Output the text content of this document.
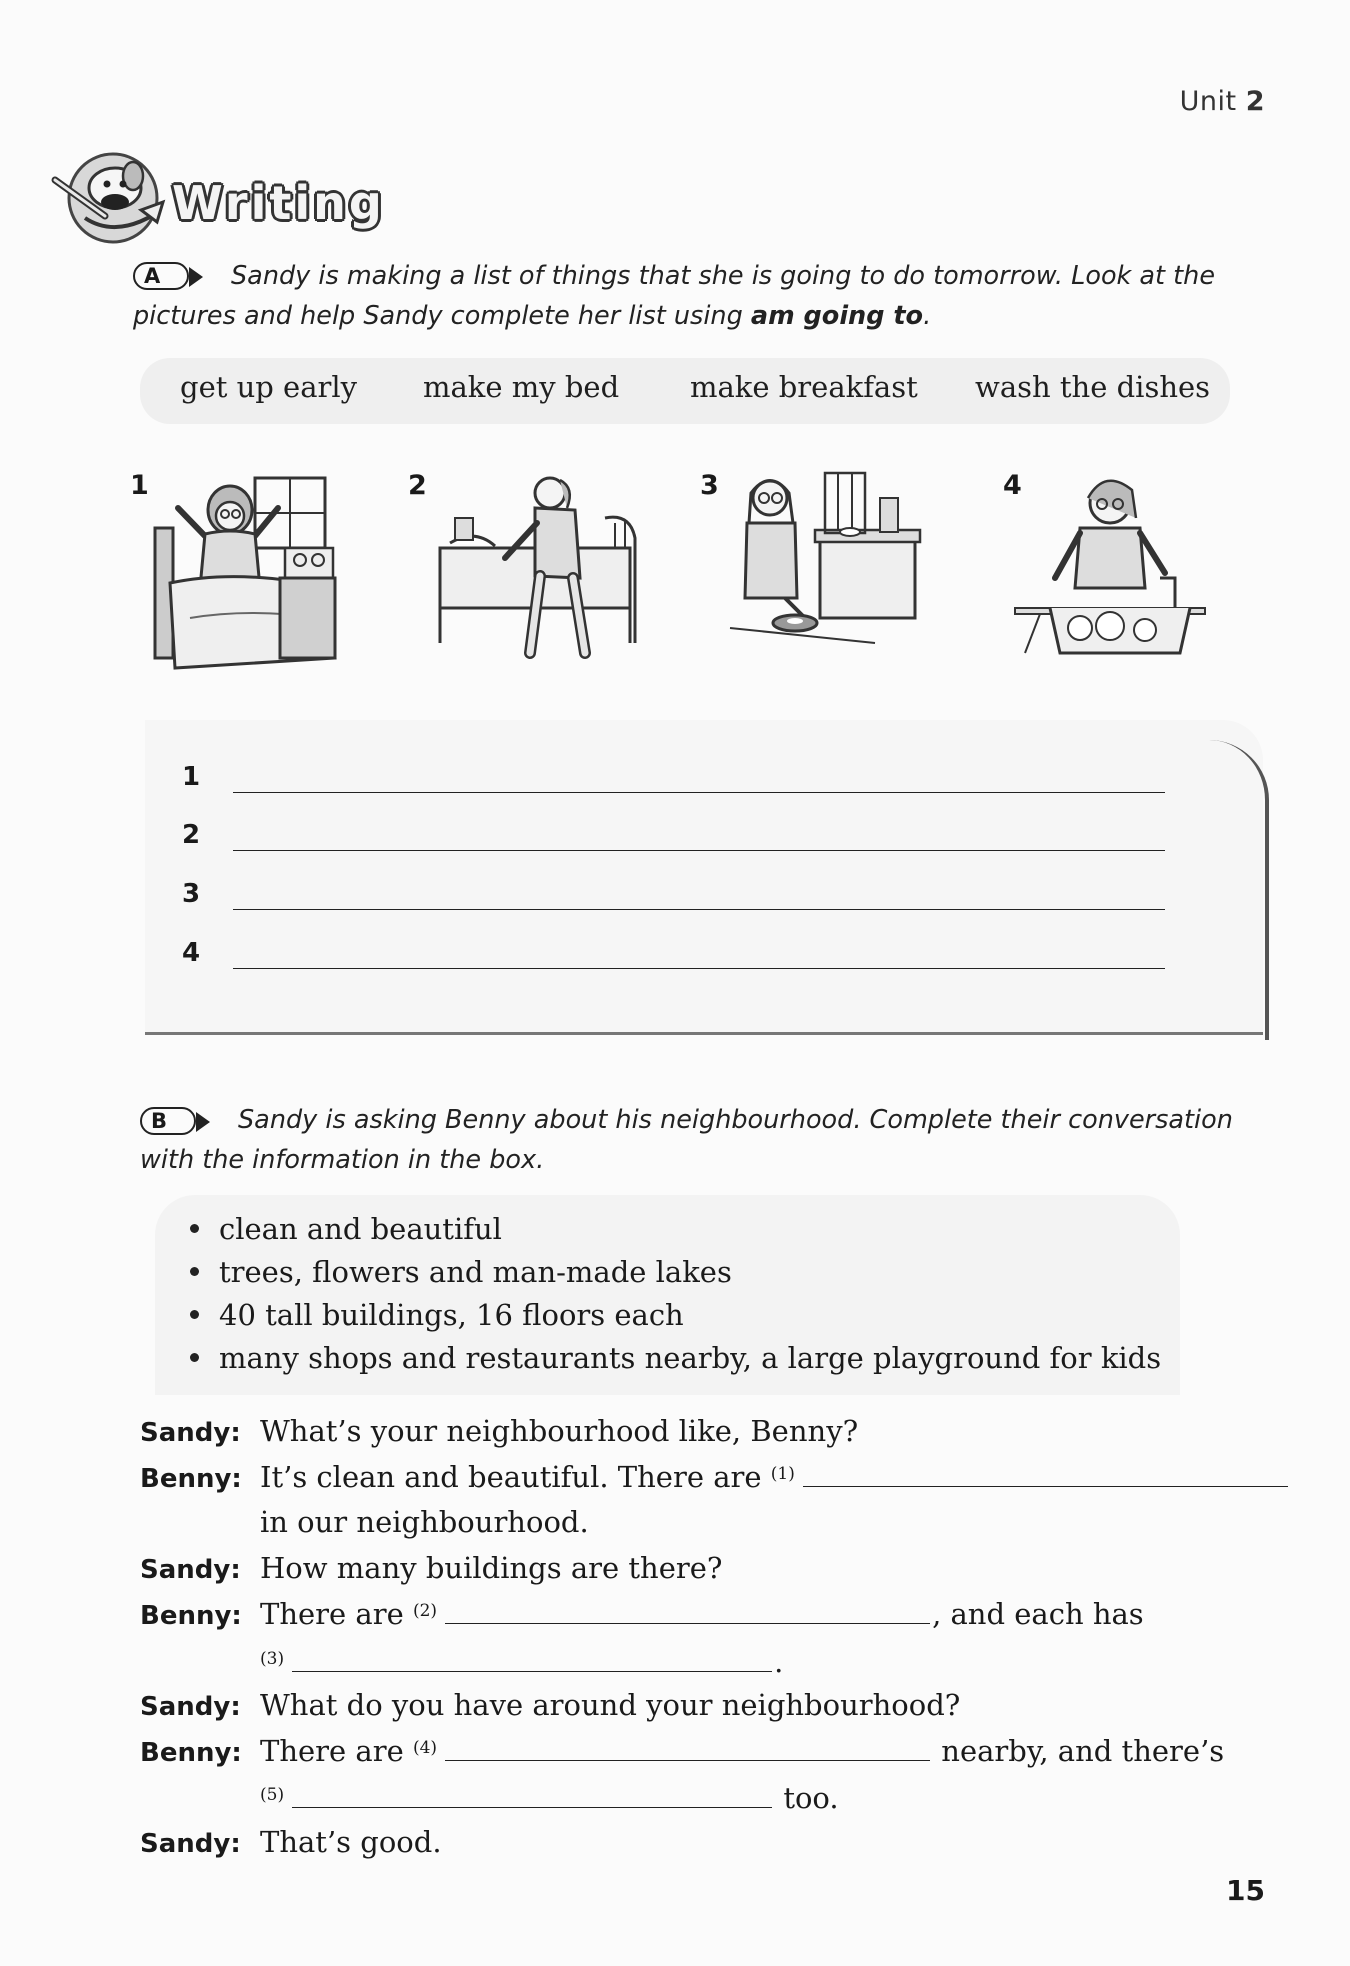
Unit 2
Writing
A	Sandy is making a list of things that she is going to do tomorrow. Look at the pictures and help Sandy complete her list using am going to.
get up early make my bed make breakfast wash the dishes
1	2	3	4
1
2
3
4
B	Sandy is asking Benny about his neighbourhood. Complete their conversation
with the information in the box.
clean and beautiful
trees, flowers and man-made lakes
40 tall buildings, 16 floors each
many shops and restaurants nearby, a large playground for kids
Sandy: What’s your neighbourhood like, Benny?
Benny: It’s clean and beautiful. There are $^{(1)}$
in our neighbourhood.
Sandy: How many buildings are there?
Benny: There are $^{(2)}$	, and each has
$^{(3)}$	.
Sandy: What do you have around your neighbourhood?
Benny: There are $^{(4)}$	nearby, and there’s
$^{(5)}$	too.
Sandy: That’s good.
15
